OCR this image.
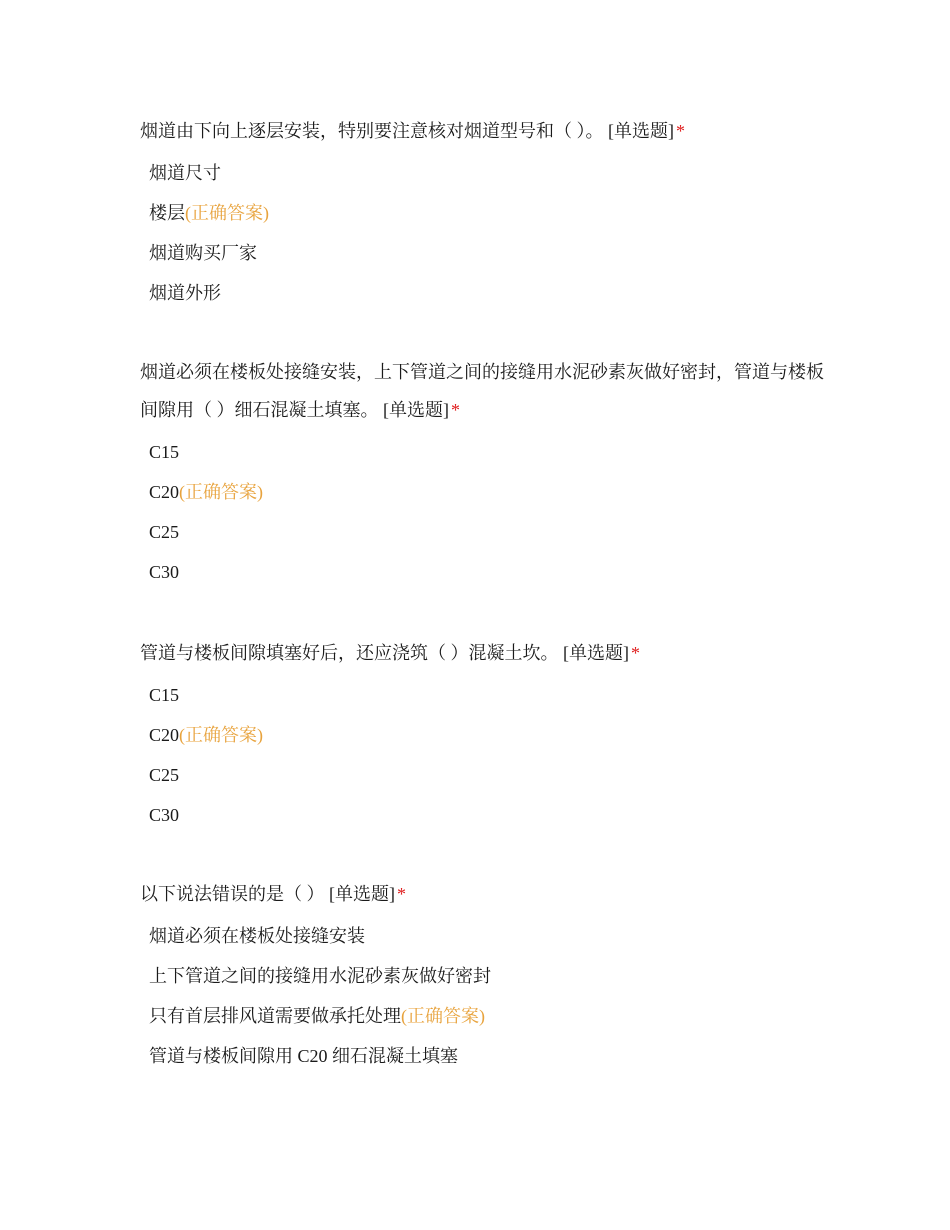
烟道由下向上逐层安装，特别要注意核对烟道型号和（ ）。 [单选题] *
烟道尺寸
楼层(正确答案)
烟道购买厂家
烟道外形
烟道必须在楼板处接缝安装，上下管道之间的接缝用水泥砂素灰做好密封，管道与楼板间隙用（ ）细石混凝土填塞。 [单选题] *
C15
C20(正确答案)
C25
C30
管道与楼板间隙填塞好后，还应浇筑（ ）混凝土坎。 [单选题] *
C15
C20(正确答案)
C25
C30
以下说法错误的是（ ） [单选题] *
烟道必须在楼板处接缝安装
上下管道之间的接缝用水泥砂素灰做好密封
只有首层排风道需要做承托处理(正确答案)
管道与楼板间隙用 C20 细石混凝土填塞
